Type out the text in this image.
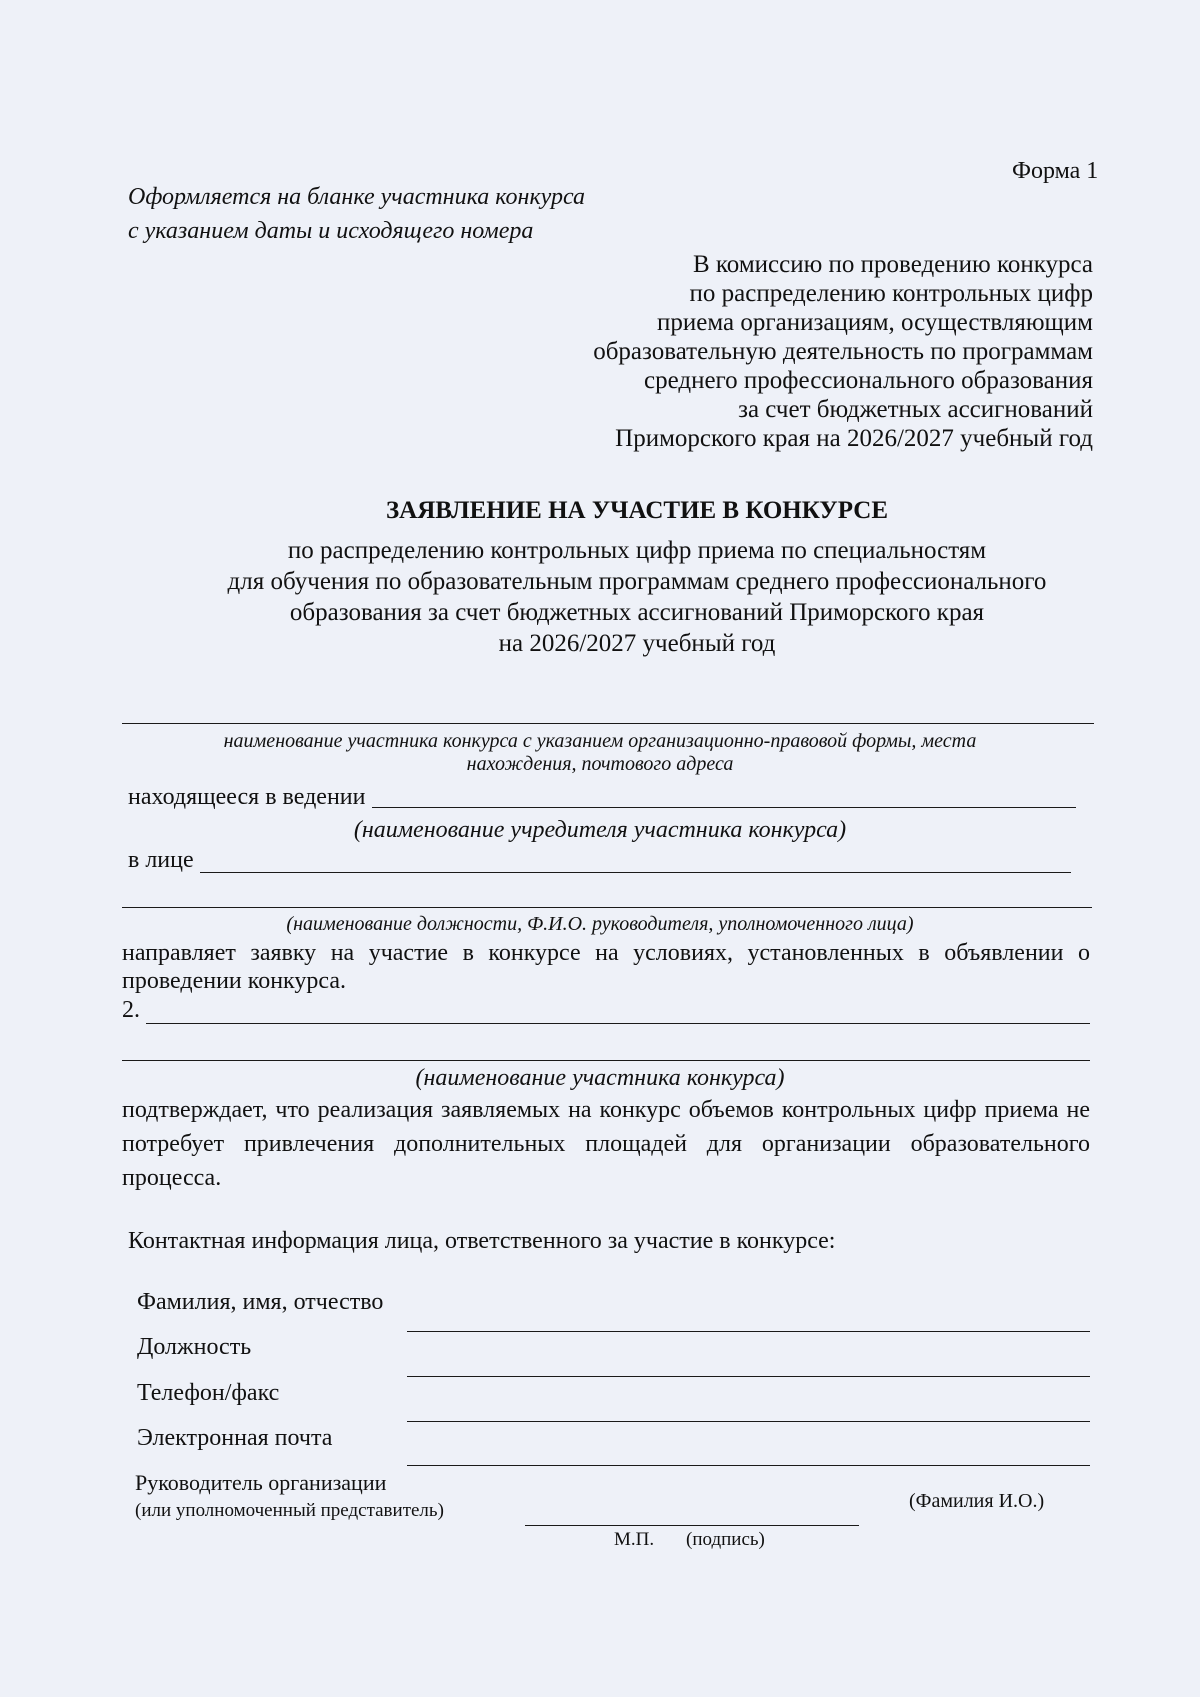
Форма 1
Оформляется на бланке участника конкурса
с указанием даты и исходящего номера
В комиссию по проведению конкурса
по распределению контрольных цифр
приема организациям, осуществляющим
образовательную деятельность по программам
среднего профессионального образования
за счет бюджетных ассигнований
Приморского края на 2026/2027 учебный год
ЗАЯВЛЕНИЕ НА УЧАСТИЕ В КОНКУРСЕ
по распределению контрольных цифр приема по специальностям
для обучения по образовательным программам среднего профессионального
образования за счет бюджетных ассигнований Приморского края
на 2026/2027 учебный год
наименование участника конкурса с указанием организационно-правовой формы, места
нахождения, почтового адреса
находящееся в ведении
(наименование учредителя участника конкурса)
в лице
(наименование должности, Ф.И.О. руководителя, уполномоченного лица)
направляет заявку на участие в конкурсе на условиях, установленных в объявлении о
проведении конкурса.
2.
(наименование участника конкурса)
подтверждает, что реализация заявляемых на конкурс объемов контрольных цифр приема не
потребует привлечения дополнительных площадей для организации образовательного
процесса.
Контактная информация лица, ответственного за участие в конкурсе:
Фамилия, имя, отчество
Должность
Телефон/факс
Электронная почта
Руководитель организации
(или уполномоченный представитель)	(Фамилия И.О.)
М.П. (подпись)
